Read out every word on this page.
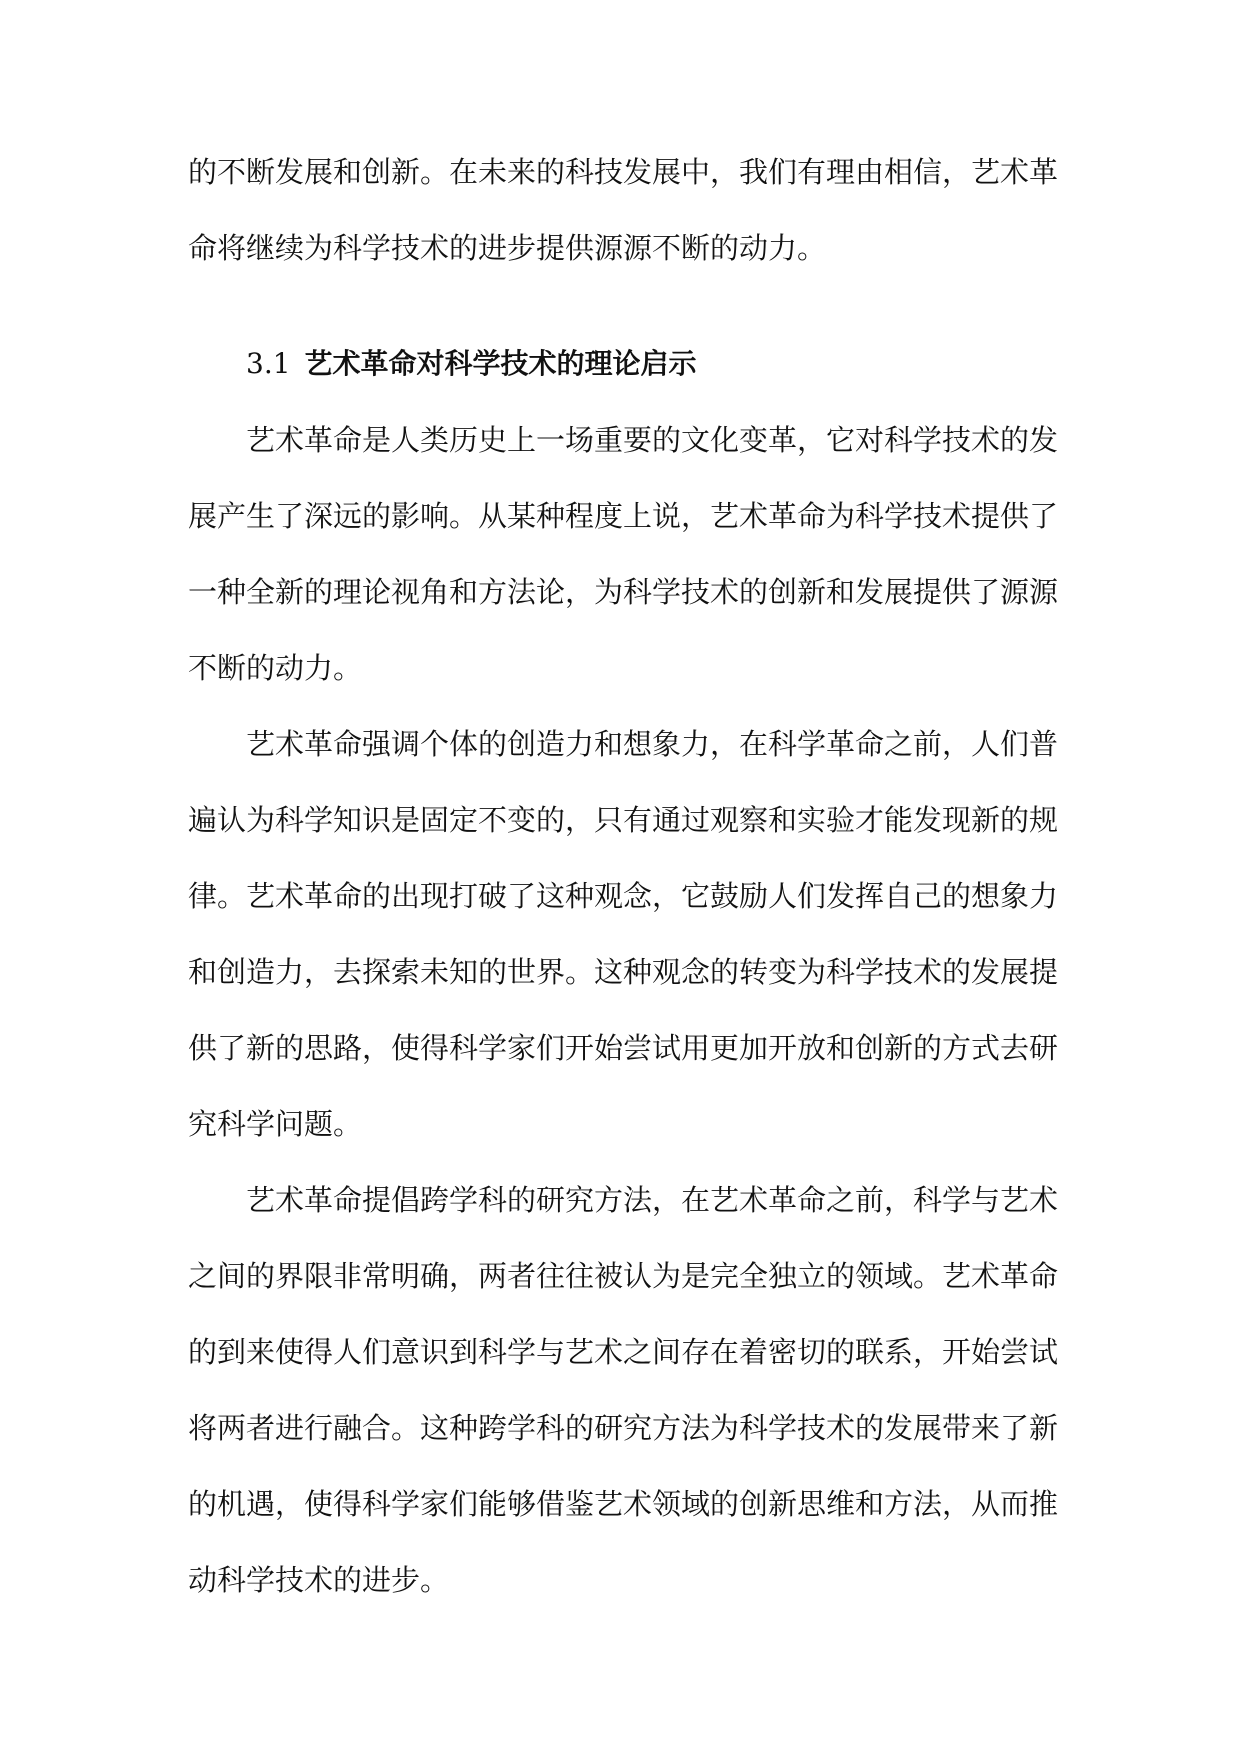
的不断发展和创新。在未来的科技发展中，我们有理由相信，艺术革命将继续为科学技术的进步提供源源不断的动力。

3.1 艺术革命对科学技术的理论启示

艺术革命是人类历史上一场重要的文化变革，它对科学技术的发展产生了深远的影响。从某种程度上说，艺术革命为科学技术提供了一种全新的理论视角和方法论，为科学技术的创新和发展提供了源源不断的动力。

艺术革命强调个体的创造力和想象力，在科学革命之前，人们普遍认为科学知识是固定不变的，只有通过观察和实验才能发现新的规律。艺术革命的出现打破了这种观念，它鼓励人们发挥自己的想象力和创造力，去探索未知的世界。这种观念的转变为科学技术的发展提供了新的思路，使得科学家们开始尝试用更加开放和创新的方式去研究科学问题。

艺术革命提倡跨学科的研究方法，在艺术革命之前，科学与艺术之间的界限非常明确，两者往往被认为是完全独立的领域。艺术革命的到来使得人们意识到科学与艺术之间存在着密切的联系，开始尝试将两者进行融合。这种跨学科的研究方法为科学技术的发展带来了新的机遇，使得科学家们能够借鉴艺术领域的创新思维和方法，从而推动科学技术的进步。
